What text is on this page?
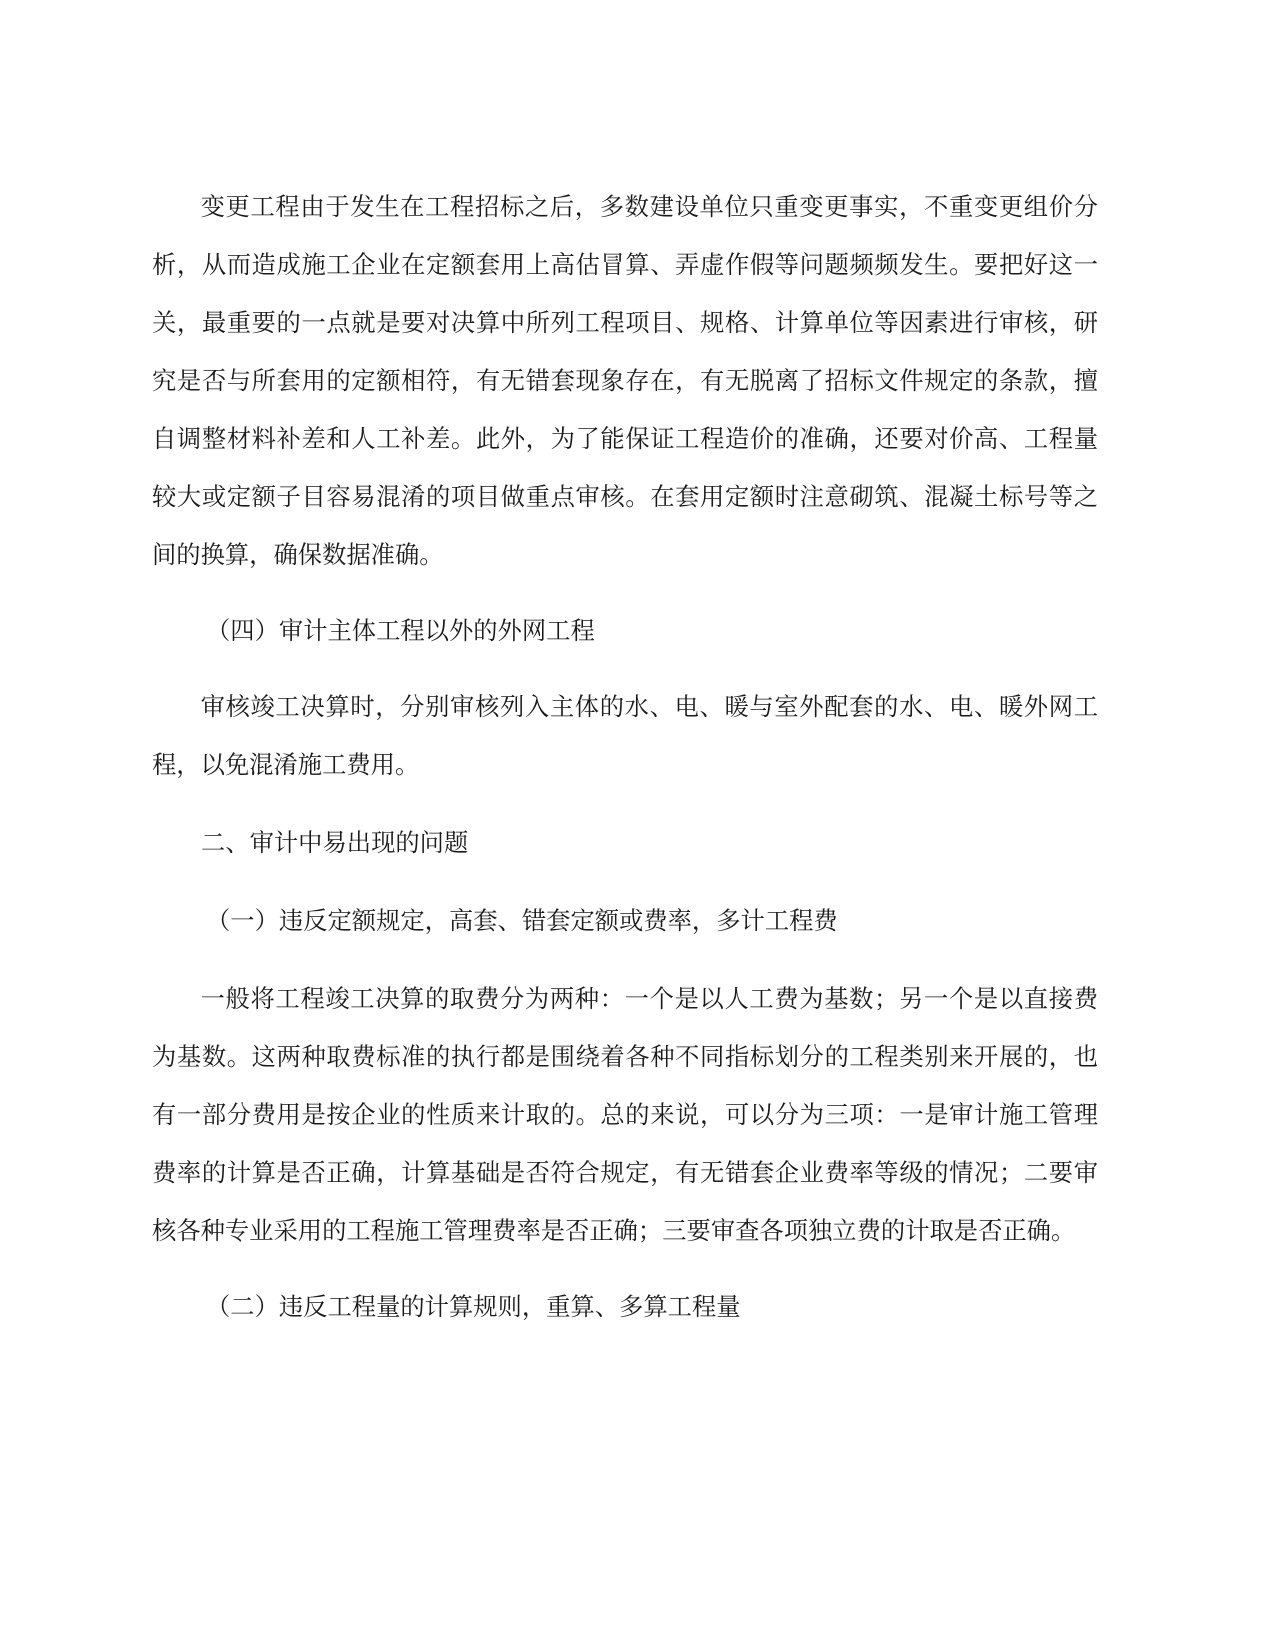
变更工程由于发生在工程招标之后，多数建设单位只重变更事实，不重变更组价分析，从而造成施工企业在定额套用上高估冒算、弄虚作假等问题频频发生。要把好这一关，最重要的一点就是要对决算中所列工程项目、规格、计算单位等因素进行审核，研究是否与所套用的定额相符，有无错套现象存在，有无脱离了招标文件规定的条款，擅自调整材料补差和人工补差。此外，为了能保证工程造价的准确，还要对价高、工程量较大或定额子目容易混淆的项目做重点审核。在套用定额时注意砌筑、混凝土标号等之间的换算，确保数据准确。

（四）审计主体工程以外的外网工程

审核竣工决算时，分别审核列入主体的水、电、暖与室外配套的水、电、暖外网工程，以免混淆施工费用。

二、审计中易出现的问题

（一）违反定额规定，高套、错套定额或费率，多计工程费

一般将工程竣工决算的取费分为两种：一个是以人工费为基数；另一个是以直接费为基数。这两种取费标准的执行都是围绕着各种不同指标划分的工程类别来开展的，也有一部分费用是按企业的性质来计取的。总的来说，可以分为三项：一是审计施工管理费率的计算是否正确，计算基础是否符合规定，有无错套企业费率等级的情况；二要审核各种专业采用的工程施工管理费率是否正确；三要审查各项独立费的计取是否正确。

（二）违反工程量的计算规则，重算、多算工程量
